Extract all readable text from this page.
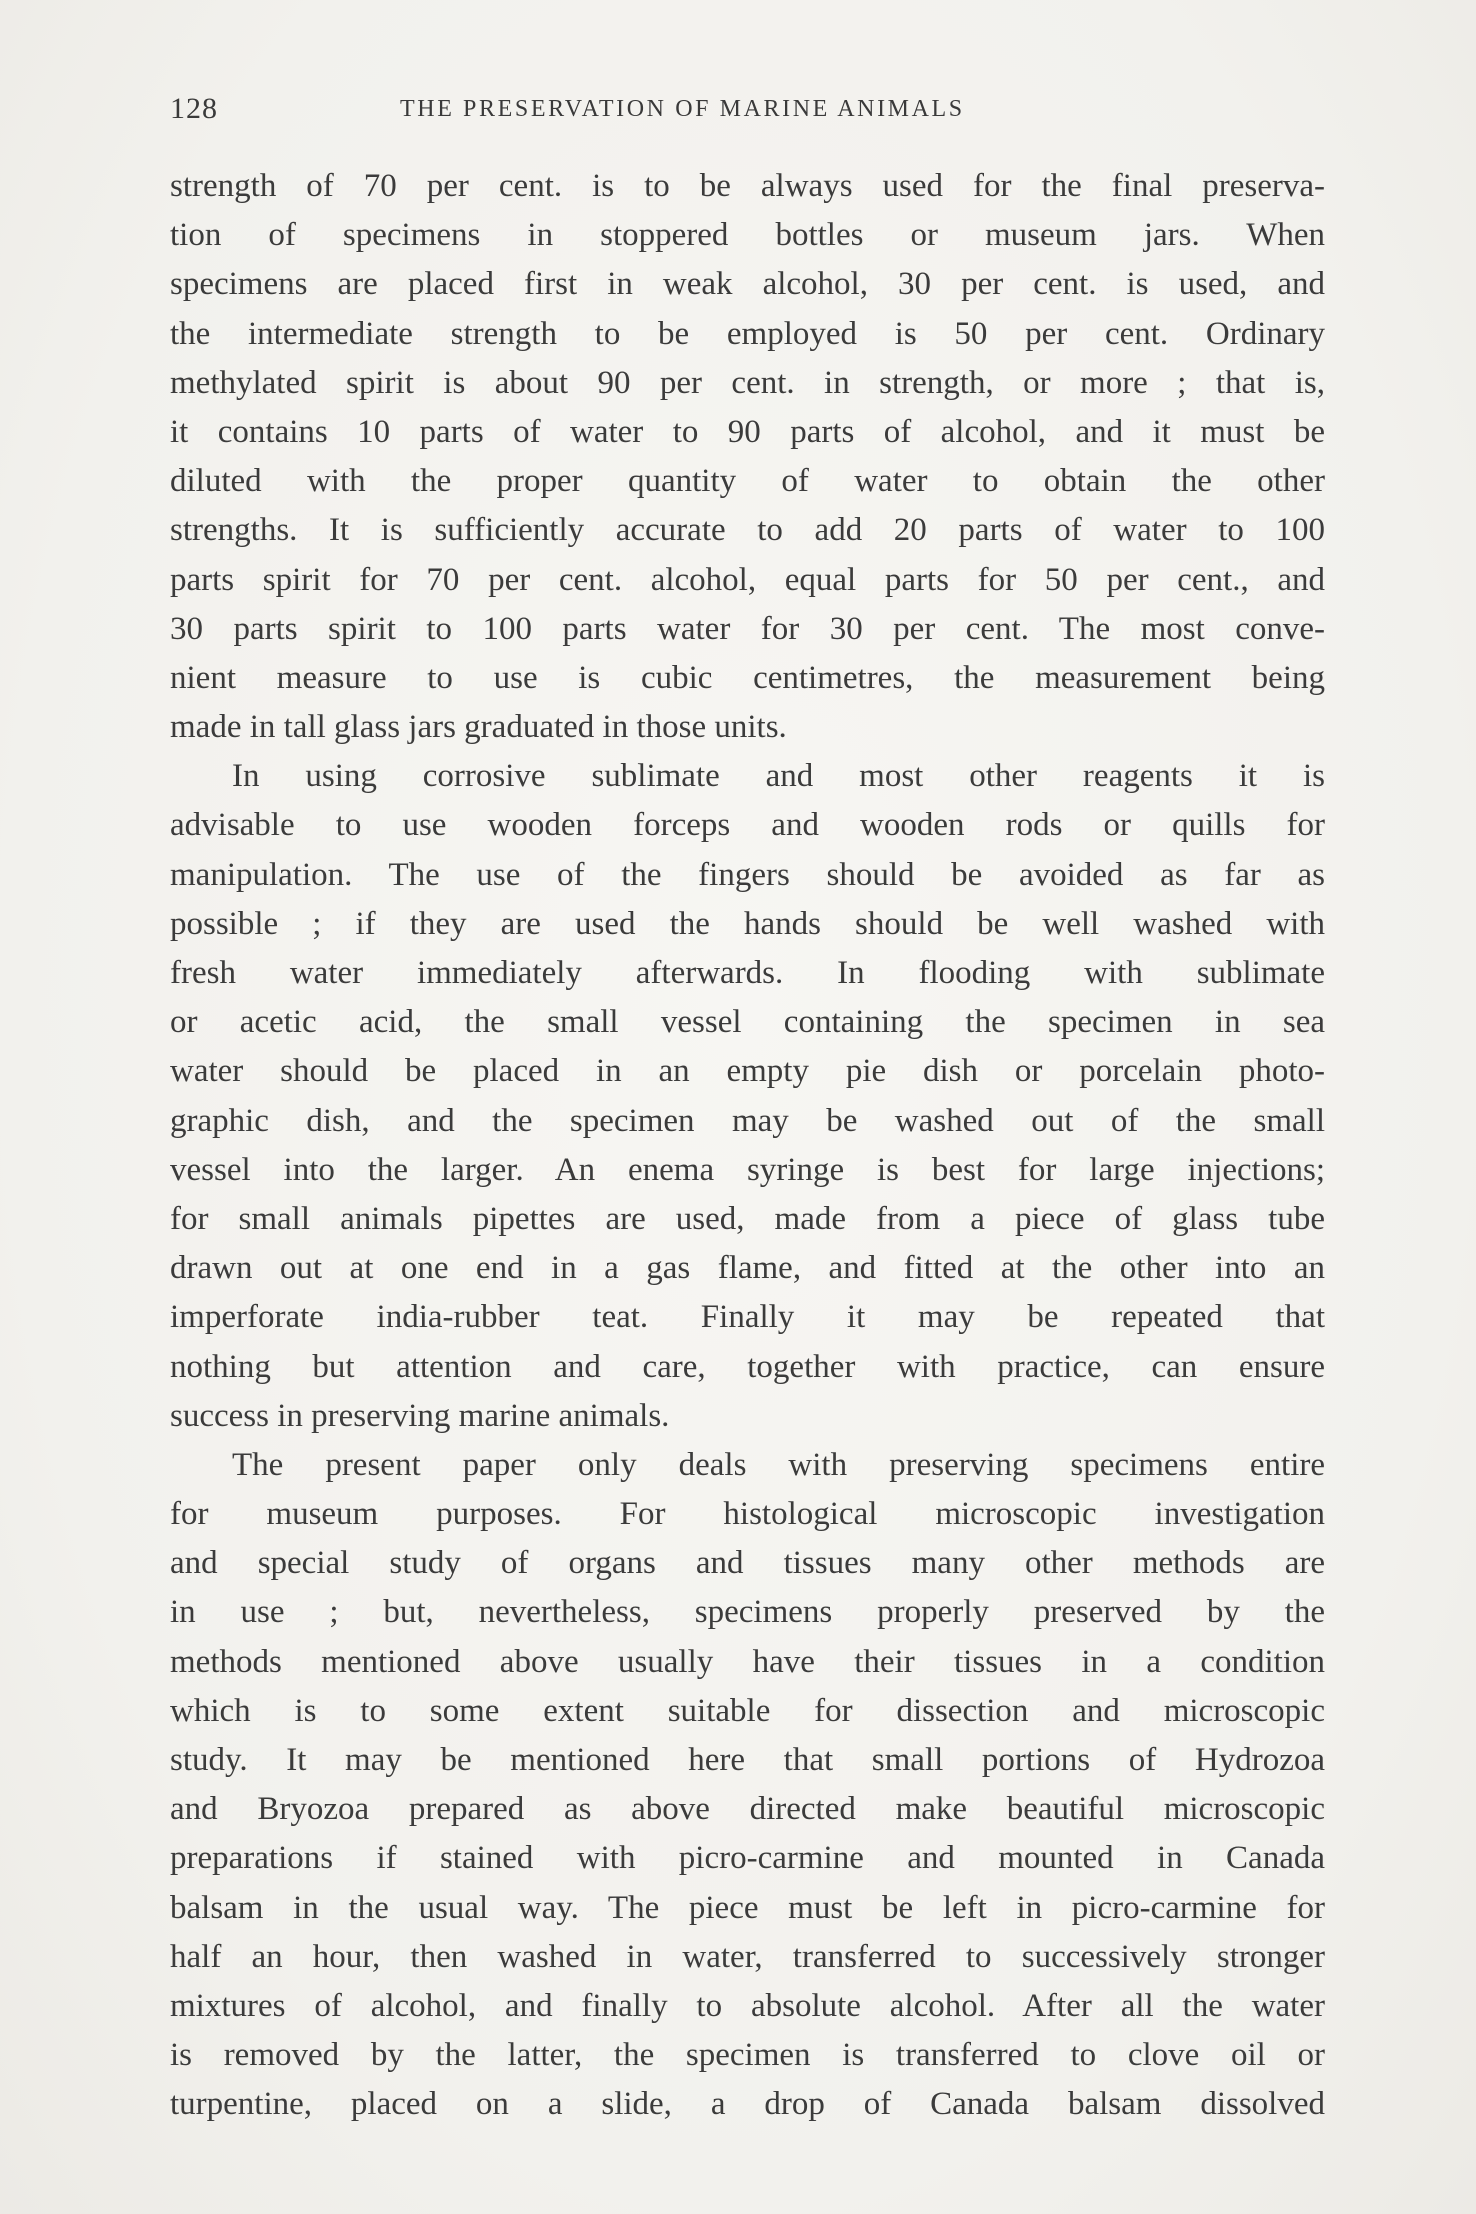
128	THE PRESERVATION OF MARINE ANIMALS
strength of 70 per cent. is to be always used for the final preserva-
tion of specimens in stoppered bottles or museum jars. When
specimens are placed first in weak alcohol, 30 per cent. is used, and
the intermediate strength to be employed is 50 per cent. Ordinary
methylated spirit is about 90 per cent. in strength, or more ; that is,
it contains 10 parts of water to 90 parts of alcohol, and it must be
diluted with the proper quantity of water to obtain the other
strengths. It is sufficiently accurate to add 20 parts of water to 100
parts spirit for 70 per cent. alcohol, equal parts for 50 per cent., and
30 parts spirit to 100 parts water for 30 per cent. The most conve-
nient measure to use is cubic centimetres, the measurement being
made in tall glass jars graduated in those units.
In using corrosive sublimate and most other reagents it is
advisable to use wooden forceps and wooden rods or quills for
manipulation. The use of the fingers should be avoided as far as
possible ; if they are used the hands should be well washed with
fresh water immediately afterwards. In flooding with sublimate
or acetic acid, the small vessel containing the specimen in sea
water should be placed in an empty pie dish or porcelain photo-
graphic dish, and the specimen may be washed out of the small
vessel into the larger. An enema syringe is best for large injections;
for small animals pipettes are used, made from a piece of glass tube
drawn out at one end in a gas flame, and fitted at the other into an
imperforate india-rubber teat. Finally it may be repeated that
nothing but attention and care, together with practice, can ensure
success in preserving marine animals.
The present paper only deals with preserving specimens entire
for museum purposes. For histological microscopic investigation
and special study of organs and tissues many other methods are
in use ; but, nevertheless, specimens properly preserved by the
methods mentioned above usually have their tissues in a condition
which is to some extent suitable for dissection and microscopic
study. It may be mentioned here that small portions of Hydrozoa
and Bryozoa prepared as above directed make beautiful microscopic
preparations if stained with picro-carmine and mounted in Canada
balsam in the usual way. The piece must be left in picro-carmine for
half an hour, then washed in water, transferred to successively stronger
mixtures of alcohol, and finally to absolute alcohol. After all the water
is removed by the latter, the specimen is transferred to clove oil or
turpentine, placed on a slide, a drop of Canada balsam dissolved
